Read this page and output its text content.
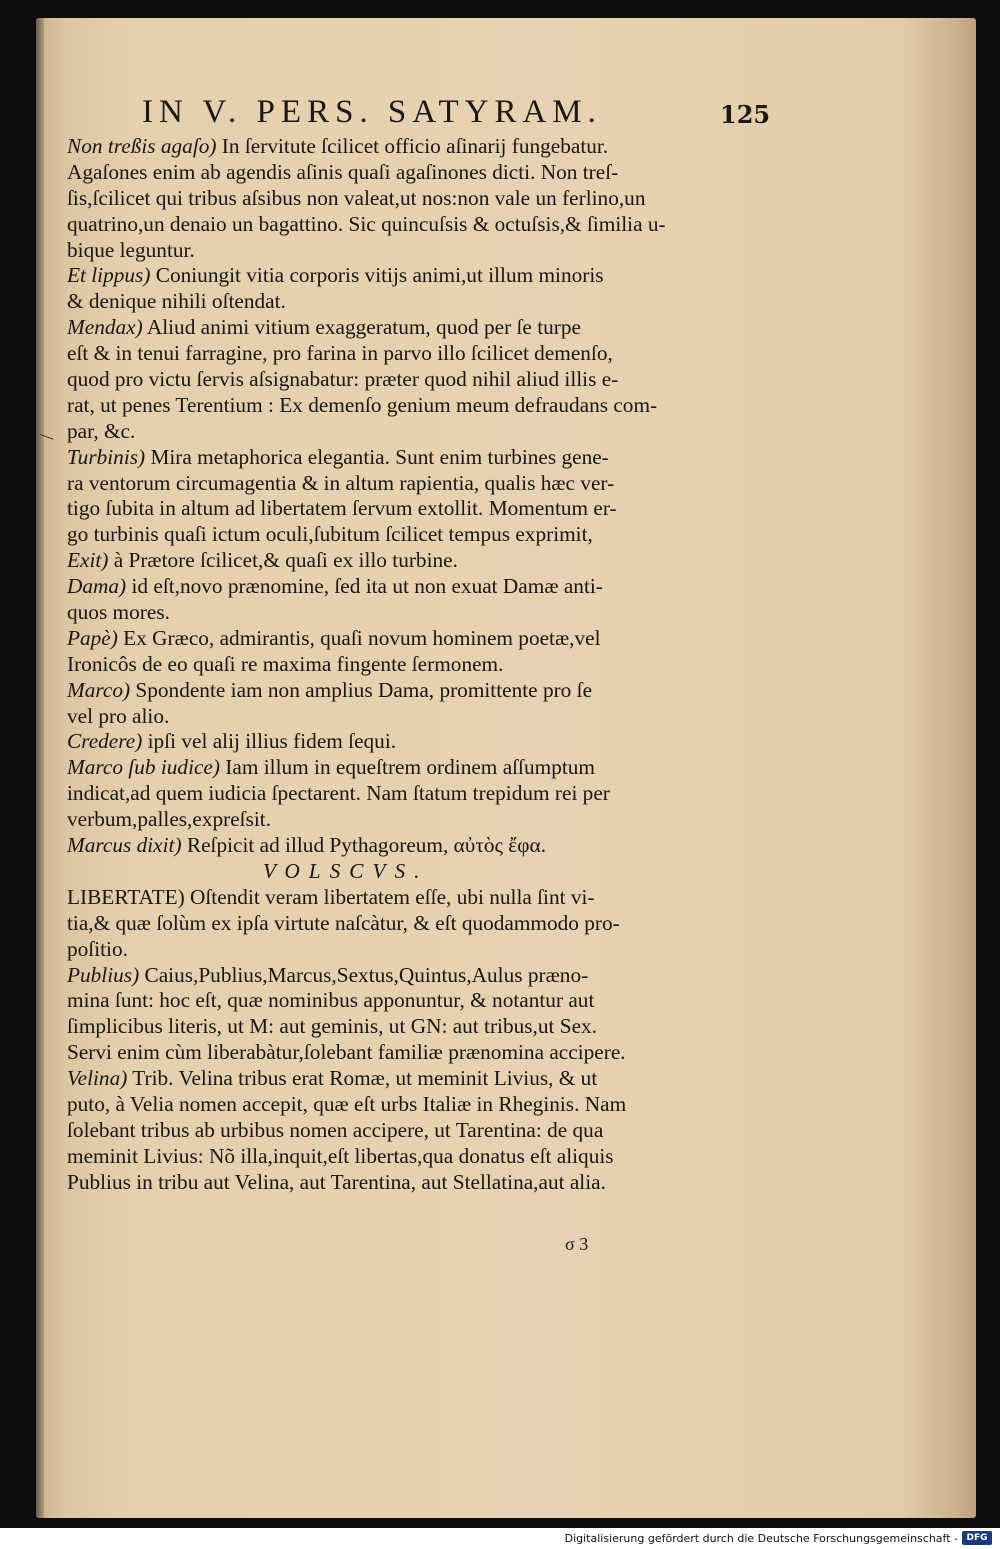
IN V. PERS. SATYRAM.	125
Non treßis agaſo) In ſervitute ſcilicet officio aſinarij fungebatur.
Agaſones enim ab agendis aſinis quaſi agaſinones dicti. Non treſ-
ſis,ſcilicet qui tribus aſsibus non valeat,ut nos:non vale un ferlino,un
quatrino,un denaio un bagattino. Sic quincuſsis & octuſsis,& ſimilia u-
bique leguntur.
Et lippus) Coniungit vitia corporis vitijs animi,ut illum minoris
& denique nihili oſtendat.
Mendax) Aliud animi vitium exaggeratum, quod per ſe turpe
eſt & in tenui farragine, pro farina in parvo illo ſcilicet demenſo,
quod pro victu ſervis aſsignabatur: præter quod nihil aliud illis e-
rat, ut penes Terentium : Ex demenſo genium meum defraudans com-
par, &c.
Turbinis) Mira metaphorica elegantia. Sunt enim turbines gene-
ra ventorum circumagentia & in altum rapientia, qualis hæc ver-
tigo ſubita in altum ad libertatem ſervum extollit. Momentum er-
go turbinis quaſi ictum oculi,ſubitum ſcilicet tempus exprimit,
Exit) à Prætore ſcilicet,& quaſi ex illo turbine.
Dama) id eſt,novo prænomine, ſed ita ut non exuat Damæ anti-
quos mores.
Papè) Ex Græco, admirantis, quaſi novum hominem poetæ,vel
Ironicôs de eo quaſi re maxima fingente ſermonem.
Marco) Spondente iam non amplius Dama, promittente pro ſe
vel pro alio.
Credere) ipſi vel alij illius fidem ſequi.
Marco ſub iudice) Iam illum in equeſtrem ordinem aſſumptum
indicat,ad quem iudicia ſpectarent. Nam ſtatum trepidum rei per
verbum,palles,expreſsit.
Marcus dixit) Reſpicit ad illud Pythagoreum, αὐτὸς ἔφα.
VOLSCVS.
LIBERTATE) Oſtendit veram libertatem eſſe, ubi nulla ſint vi-
tia,& quæ ſolùm ex ipſa virtute naſcàtur, & eſt quodammodo pro-
poſitio.
Publius) Caius,Publius,Marcus,Sextus,Quintus,Aulus præno-
mina ſunt: hoc eſt, quæ nominibus apponuntur, & notantur aut
ſimplicibus literis, ut M: aut geminis, ut GN: aut tribus,ut Sex.
Servi enim cùm liberabàtur,ſolebant familiæ prænomina accipere.
Velina) Trib. Velina tribus erat Romæ, ut meminit Livius, & ut
puto, à Velia nomen accepit, quæ eſt urbs Italiæ in Rheginis. Nam
ſolebant tribus ab urbibus nomen accipere, ut Tarentina: de qua
meminit Livius: Nõ illa,inquit,eſt libertas,qua donatus eſt aliquis
Publius in tribu aut Velina, aut Tarentina, aut Stellatina,aut alia.
σ 3
Digitalisierung gefördert durch die Deutsche Forschungsgemeinschaft - DFG
